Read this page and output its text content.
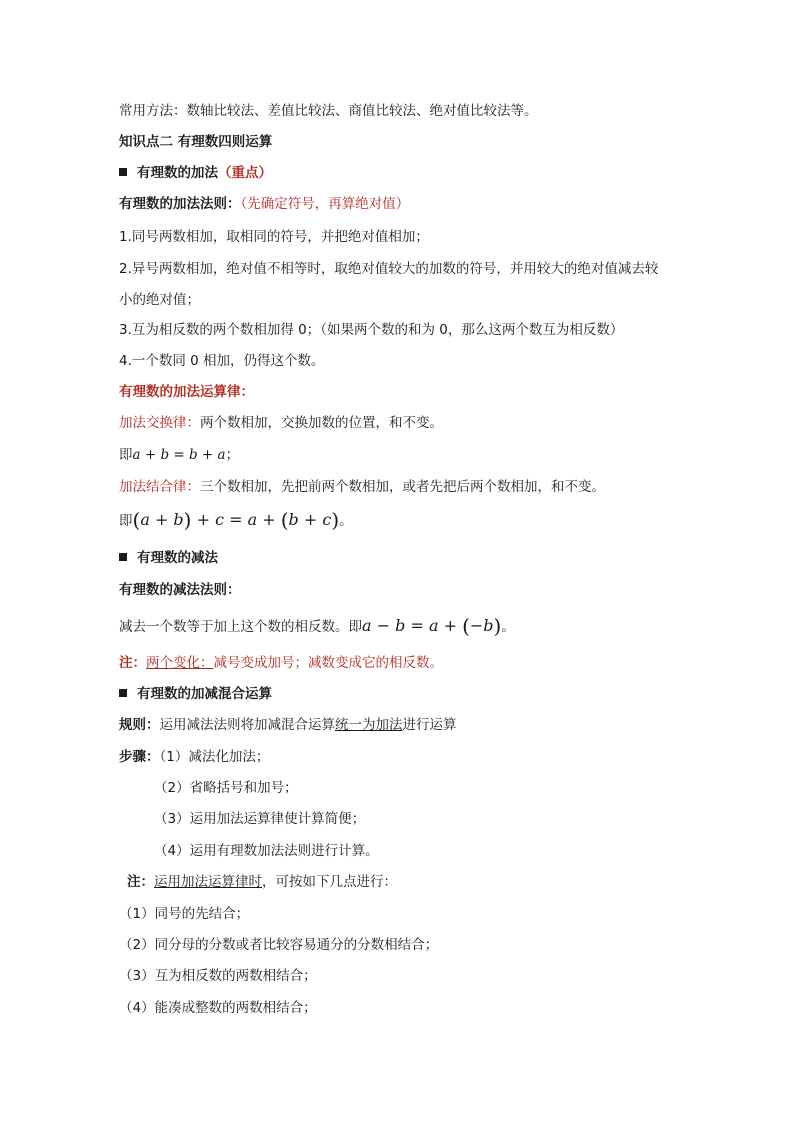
常用方法：数轴比较法、差值比较法、商值比较法、绝对值比较法等。
知识点二 有理数四则运算
有理数的加法（重点）
有理数的加法法则：（先确定符号，再算绝对值）
1.同号两数相加，取相同的符号，并把绝对值相加；
2.异号两数相加，绝对值不相等时，取绝对值较大的加数的符号，并用较大的绝对值减去较
小的绝对值；
3.互为相反数的两个数相加得 0；（如果两个数的和为 0，那么这两个数互为相反数）
4.一个数同 0 相加，仍得这个数。
有理数的加法运算律：
加法交换律：两个数相加，交换加数的位置，和不变。
即a + b = b + a；
加法结合律：三个数相加，先把前两个数相加，或者先把后两个数相加，和不变。
即(a + b) + c = a + (b + c)。
有理数的减法
有理数的减法法则：
减去一个数等于加上这个数的相反数。即a − b = a + (−b)。
注：两个变化：减号变成加号；减数变成它的相反数。
有理数的加减混合运算
规则：运用减法法则将加减混合运算统一为加法进行运算
步骤：（1）减法化加法；
（2）省略括号和加号；
（3）运用加法运算律使计算简便；
（4）运用有理数加法法则进行计算。
注：运用加法运算律时，可按如下几点进行：
（1）同号的先结合；
（2）同分母的分数或者比较容易通分的分数相结合；
（3）互为相反数的两数相结合；
（4）能凑成整数的两数相结合；
